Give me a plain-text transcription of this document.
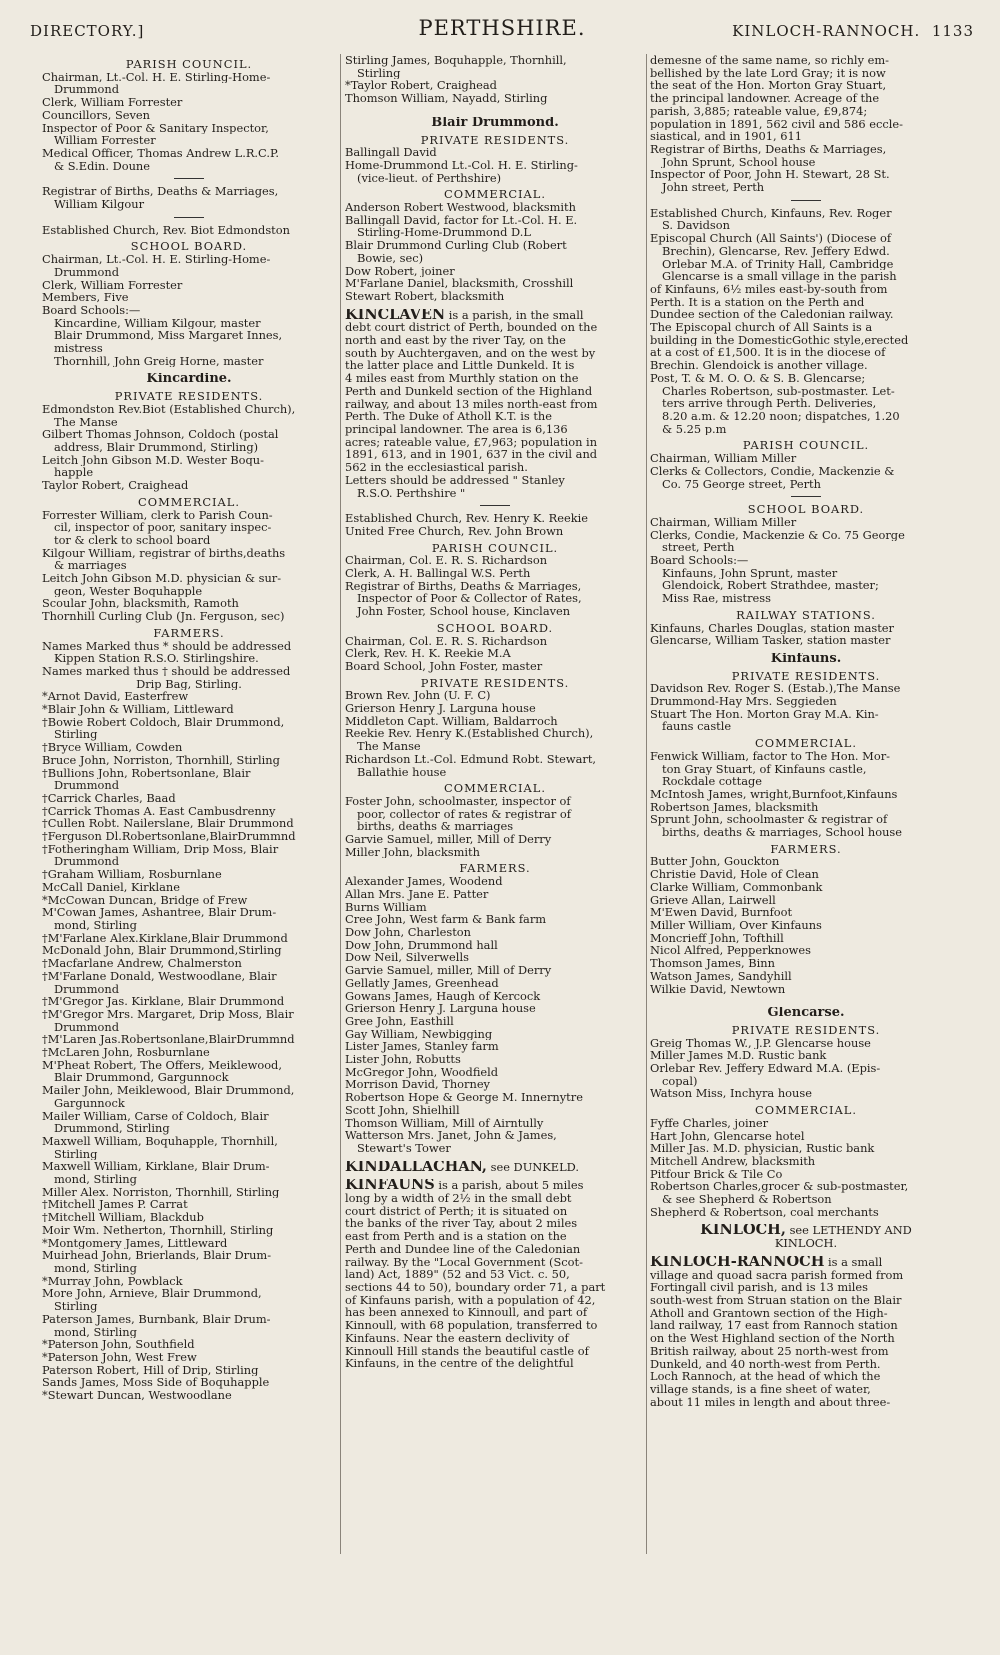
DIRECTORY.]	PERTHSHIRE.	KINLOCH-RANNOCH. 1133
PARISH COUNCIL.
Chairman, Lt.-Col. H. E. Stirling-Home-
Drummond
Clerk, William Forrester
Councillors, Seven
Inspector of Poor & Sanitary Inspector,
William Forrester
Medical Officer, Thomas Andrew L.R.C.P.
& S.Edin. Doune
Registrar of Births, Deaths & Marriages,
William Kilgour
Established Church, Rev. Biot Edmondston
SCHOOL BOARD.
Chairman, Lt.-Col. H. E. Stirling-Home-
Drummond
Clerk, William Forrester
Members, Five
Board Schools:—
Kincardine, William Kilgour, master
Blair Drummond, Miss Margaret Innes,
mistress
Thornhill, John Greig Horne, master
Kincardine.
PRIVATE RESIDENTS.
Edmondston Rev.Biot (Established Church),
The Manse
Gilbert Thomas Johnson, Coldoch (postal
address, Blair Drummond, Stirling)
Leitch John Gibson M.D. Wester Boqu-
happle
Taylor Robert, Craighead
COMMERCIAL.
Forrester William, clerk to Parish Coun-
cil, inspector of poor, sanitary inspec-
tor & clerk to school board
Kilgour William, registrar of births,deaths
& marriages
Leitch John Gibson M.D. physician & sur-
geon, Wester Boquhapple
Scoular John, blacksmith, Ramoth
Thornhill Curling Club (Jn. Ferguson, sec)
FARMERS.
Names Marked thus * should be addressed
Kippen Station R.S.O. Stirlingshire.
Names marked thus † should be addressed
Drip Bag, Stirling.
*Arnot David, Easterfrew
*Blair John & William, Littleward
†Bowie Robert Coldoch, Blair Drummond,
Stirling
†Bryce William, Cowden
Bruce John, Norriston, Thornhill, Stirling
†Bullions John, Robertsonlane, Blair
Drummond
†Carrick Charles, Baad
†Carrick Thomas A. East Cambusdrenny
†Cullen Robt. Nailerslane, Blair Drummond
†Ferguson Dl.Robertsonlane,BlairDrummnd
†Fotheringham William, Drip Moss, Blair
Drummond
†Graham William, Rosburnlane
McCall Daniel, Kirklane
*McCowan Duncan, Bridge of Frew
M'Cowan James, Ashantree, Blair Drum-
mond, Stirling
†M'Farlane Alex.Kirklane,Blair Drummond
McDonald John, Blair Drummond,Stirling
†Macfarlane Andrew, Chalmerston
†M'Farlane Donald, Westwoodlane, Blair
Drummond
†M'Gregor Jas. Kirklane, Blair Drummond
†M'Gregor Mrs. Margaret, Drip Moss, Blair
Drummond
†M'Laren Jas.Robertsonlane,BlairDrummnd
†McLaren John, Rosburnlane
M'Pheat Robert, The Offers, Meiklewood,
Blair Drummond, Gargunnock
Mailer John, Meiklewood, Blair Drummond,
Gargunnock
Mailer William, Carse of Coldoch, Blair
Drummond, Stirling
Maxwell William, Boquhapple, Thornhill,
Stirling
Maxwell William, Kirklane, Blair Drum-
mond, Stirling
Miller Alex. Norriston, Thornhill, Stirling
†Mitchell James P. Carrat
†Mitchell William, Blackdub
Moir Wm. Netherton, Thornhill, Stirling
*Montgomery James, Littleward
Muirhead John, Brierlands, Blair Drum-
mond, Stirling
*Murray John, Powblack
More John, Arnieve, Blair Drummond,
Stirling
Paterson James, Burnbank, Blair Drum-
mond, Stirling
*Paterson John, Southfield
*Paterson John, West Frew
Paterson Robert, Hill of Drip, Stirling
Sands James, Moss Side of Boquhapple
*Stewart Duncan, Westwoodlane
Stirling James, Boquhapple, Thornhill,
Stirling
*Taylor Robert, Craighead
Thomson William, Nayadd, Stirling
Blair Drummond.
PRIVATE RESIDENTS.
Ballingall David
Home-Drummond Lt.-Col. H. E. Stirling-
(vice-lieut. of Perthshire)
COMMERCIAL.
Anderson Robert Westwood, blacksmith
Ballingall David, factor for Lt.-Col. H. E.
Stirling-Home-Drummond D.L
Blair Drummond Curling Club (Robert
Bowie, sec)
Dow Robert, joiner
M'Farlane Daniel, blacksmith, Crosshill
Stewart Robert, blacksmith
KINCLAVEN is a parish, in the small
debt court district of Perth, bounded on the
north and east by the river Tay, on the
south by Auchtergaven, and on the west by
the latter place and Little Dunkeld. It is
4 miles east from Murthly station on the
Perth and Dunkeld section of the Highland
railway, and about 13 miles north-east from
Perth. The Duke of Atholl K.T. is the
principal landowner. The area is 6,136
acres; rateable value, £7,963; population in
1891, 613, and in 1901, 637 in the civil and
562 in the ecclesiastical parish.
Letters should be addressed " Stanley
R.S.O. Perthshire "
Established Church, Rev. Henry K. Reekie
United Free Church, Rev. John Brown
PARISH COUNCIL.
Chairman, Col. E. R. S. Richardson
Clerk, A. H. Ballingal W.S. Perth
Registrar of Births, Deaths & Marriages,
Inspector of Poor & Collector of Rates,
John Foster, School house, Kinclaven
SCHOOL BOARD.
Chairman, Col. E. R. S. Richardson
Clerk, Rev. H. K. Reekie M.A
Board School, John Foster, master
PRIVATE RESIDENTS.
Brown Rev. John (U. F. C)
Grierson Henry J. Larguna house
Middleton Capt. William, Baldarroch
Reekie Rev. Henry K.(Established Church),
The Manse
Richardson Lt.-Col. Edmund Robt. Stewart,
Ballathie house
COMMERCIAL.
Foster John, schoolmaster, inspector of
poor, collector of rates & registrar of
births, deaths & marriages
Garvie Samuel, miller, Mill of Derry
Miller John, blacksmith
FARMERS.
Alexander James, Woodend
Allan Mrs. Jane E. Patter
Burns William
Cree John, West farm & Bank farm
Dow John, Charleston
Dow John, Drummond hall
Dow Neil, Silverwells
Garvie Samuel, miller, Mill of Derry
Gellatly James, Greenhead
Gowans James, Haugh of Kercock
Grierson Henry J. Larguna house
Gree John, Easthill
Gay William, Newbigging
Lister James, Stanley farm
Lister John, Robutts
McGregor John, Woodfield
Morrison David, Thorney
Robertson Hope & George M. Innernytre
Scott John, Shielhill
Thomson William, Mill of Airntully
Watterson Mrs. Janet, John & James,
Stewart's Tower
KINDALLACHAN, see DUNKELD.
KINFAUNS is a parish, about 5 miles
long by a width of 2½ in the small debt
court district of Perth; it is situated on
the banks of the river Tay, about 2 miles
east from Perth and is a station on the
Perth and Dundee line of the Caledonian
railway. By the "Local Government (Scot-
land) Act, 1889" (52 and 53 Vict. c. 50,
sections 44 to 50), boundary order 71, a part
of Kinfauns parish, with a population of 42,
has been annexed to Kinnoull, and part of
Kinnoull, with 68 population, transferred to
Kinfauns. Near the eastern declivity of
Kinnoull Hill stands the beautiful castle of
Kinfauns, in the centre of the delightful
demesne of the same name, so richly em-
bellished by the late Lord Gray; it is now
the seat of the Hon. Morton Gray Stuart,
the principal landowner. Acreage of the
parish, 3,885; rateable value, £9,874;
population in 1891, 562 civil and 586 eccle-
siastical, and in 1901, 611
Registrar of Births, Deaths & Marriages,
John Sprunt, School house
Inspector of Poor, John H. Stewart, 28 St.
John street, Perth
Established Church, Kinfauns, Rev. Roger
S. Davidson
Episcopal Church (All Saints') (Diocese of
Brechin), Glencarse, Rev. Jeffery Edwd.
Orlebar M.A. of Trinity Hall, Cambridge
Glencarse is a small village in the parish
of Kinfauns, 6½ miles east-by-south from
Perth. It is a station on the Perth and
Dundee section of the Caledonian railway.
The Episcopal church of All Saints is a
building in the DomesticGothic style,erected
at a cost of £1,500. It is in the diocese of
Brechin. Glendoick is another village.
Post, T. & M. O. O. & S. B. Glencarse;
Charles Robertson, sub-postmaster. Let-
ters arrive through Perth. Deliveries,
8.20 a.m. & 12.20 noon; dispatches, 1.20
& 5.25 p.m
PARISH COUNCIL.
Chairman, William Miller
Clerks & Collectors, Condie, Mackenzie &
Co. 75 George street, Perth
SCHOOL BOARD.
Chairman, William Miller
Clerks, Condie, Mackenzie & Co. 75 George
street, Perth
Board Schools:—
Kinfauns, John Sprunt, master
Glendoick, Robert Strathdee, master;
Miss Rae, mistress
RAILWAY STATIONS.
Kinfauns, Charles Douglas, station master
Glencarse, William Tasker, station master
Kinfauns.
PRIVATE RESIDENTS.
Davidson Rev. Roger S. (Estab.),The Manse
Drummond-Hay Mrs. Seggieden
Stuart The Hon. Morton Gray M.A. Kin-
fauns castle
COMMERCIAL.
Fenwick William, factor to The Hon. Mor-
ton Gray Stuart, of Kinfauns castle,
Rockdale cottage
McIntosh James, wright,Burnfoot,Kinfauns
Robertson James, blacksmith
Sprunt John, schoolmaster & registrar of
births, deaths & marriages, School house
FARMERS.
Butter John, Gouckton
Christie David, Hole of Clean
Clarke William, Commonbank
Grieve Allan, Lairwell
M'Ewen David, Burnfoot
Miller William, Over Kinfauns
Moncrieff John, Tofthill
Nicol Alfred, Pepperknowes
Thomson James, Binn
Watson James, Sandyhill
Wilkie David, Newtown
Glencarse.
PRIVATE RESIDENTS.
Greig Thomas W., J.P. Glencarse house
Miller James M.D. Rustic bank
Orlebar Rev. Jeffery Edward M.A. (Epis-
copal)
Watson Miss, Inchyra house
COMMERCIAL.
Fyffe Charles, joiner
Hart John, Glencarse hotel
Miller Jas. M.D. physician, Rustic bank
Mitchell Andrew, blacksmith
Pitfour Brick & Tile Co
Robertson Charles,grocer & sub-postmaster,
& see Shepherd & Robertson
Shepherd & Robertson, coal merchants
KINLOCH, see LETHENDY AND
KINLOCH.
KINLOCH-RANNOCH is a small
village and quoad sacra parish formed from
Fortingall civil parish, and is 13 miles
south-west from Struan station on the Blair
Atholl and Grantown section of the High-
land railway, 17 east from Rannoch station
on the West Highland section of the North
British railway, about 25 north-west from
Dunkeld, and 40 north-west from Perth.
Loch Rannoch, at the head of which the
village stands, is a fine sheet of water,
about 11 miles in length and about three-
